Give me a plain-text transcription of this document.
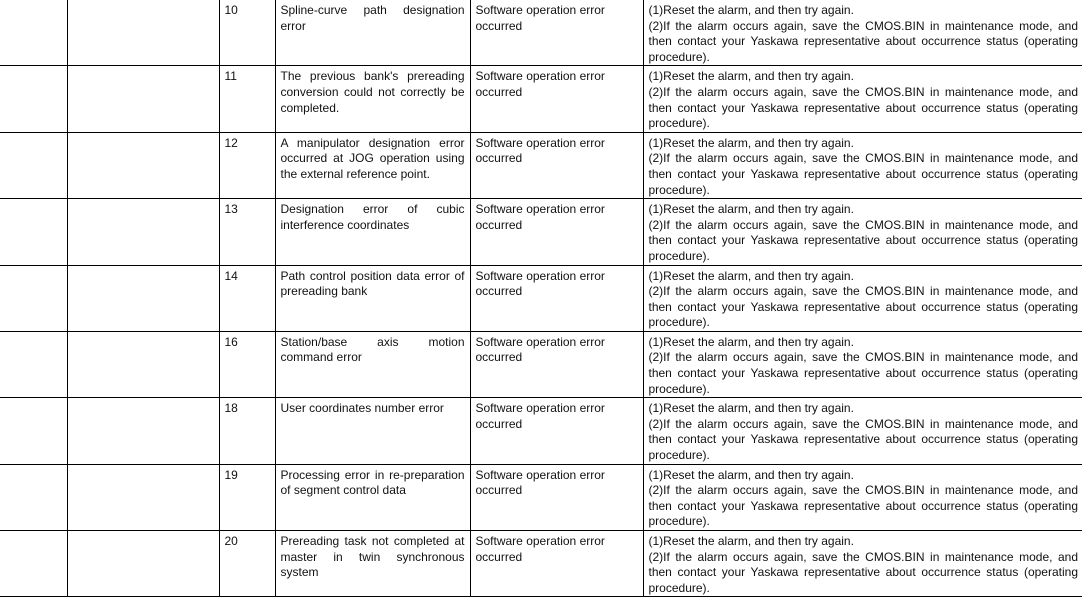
		10	Spline-curve path designation error	Software operation error occurred	(1)Reset the alarm, and then try again.
(2)If the alarm occurs again, save the CMOS.BIN in maintenance mode, and then contact your Yaskawa representative about occurrence status (operating procedure).

		11	The previous bank's prereading conversion could not correctly be completed.	Software operation error occurred	(1)Reset the alarm, and then try again.
(2)If the alarm occurs again, save the CMOS.BIN in maintenance mode, and then contact your Yaskawa representative about occurrence status (operating procedure).

		12	A manipulator designation error occurred at JOG operation using the external reference point.	Software operation error occurred	(1)Reset the alarm, and then try again.
(2)If the alarm occurs again, save the CMOS.BIN in maintenance mode, and then contact your Yaskawa representative about occurrence status (operating procedure).

		13	Designation error of cubic interference coordinates	Software operation error occurred	(1)Reset the alarm, and then try again.
(2)If the alarm occurs again, save the CMOS.BIN in maintenance mode, and then contact your Yaskawa representative about occurrence status (operating procedure).

		14	Path control position data error of prereading bank	Software operation error occurred	(1)Reset the alarm, and then try again.
(2)If the alarm occurs again, save the CMOS.BIN in maintenance mode, and then contact your Yaskawa representative about occurrence status (operating procedure).

		16	Station/base axis motion command error	Software operation error occurred	(1)Reset the alarm, and then try again.
(2)If the alarm occurs again, save the CMOS.BIN in maintenance mode, and then contact your Yaskawa representative about occurrence status (operating procedure).

		18	User coordinates number error	Software operation error occurred	(1)Reset the alarm, and then try again.
(2)If the alarm occurs again, save the CMOS.BIN in maintenance mode, and then contact your Yaskawa representative about occurrence status (operating procedure).

		19	Processing error in re-preparation of segment control data	Software operation error occurred	(1)Reset the alarm, and then try again.
(2)If the alarm occurs again, save the CMOS.BIN in maintenance mode, and then contact your Yaskawa representative about occurrence status (operating procedure).

		20	Prereading task not completed at master in twin synchronous system	Software operation error occurred	(1)Reset the alarm, and then try again.
(2)If the alarm occurs again, save the CMOS.BIN in maintenance mode, and then contact your Yaskawa representative about occurrence status (operating procedure).
